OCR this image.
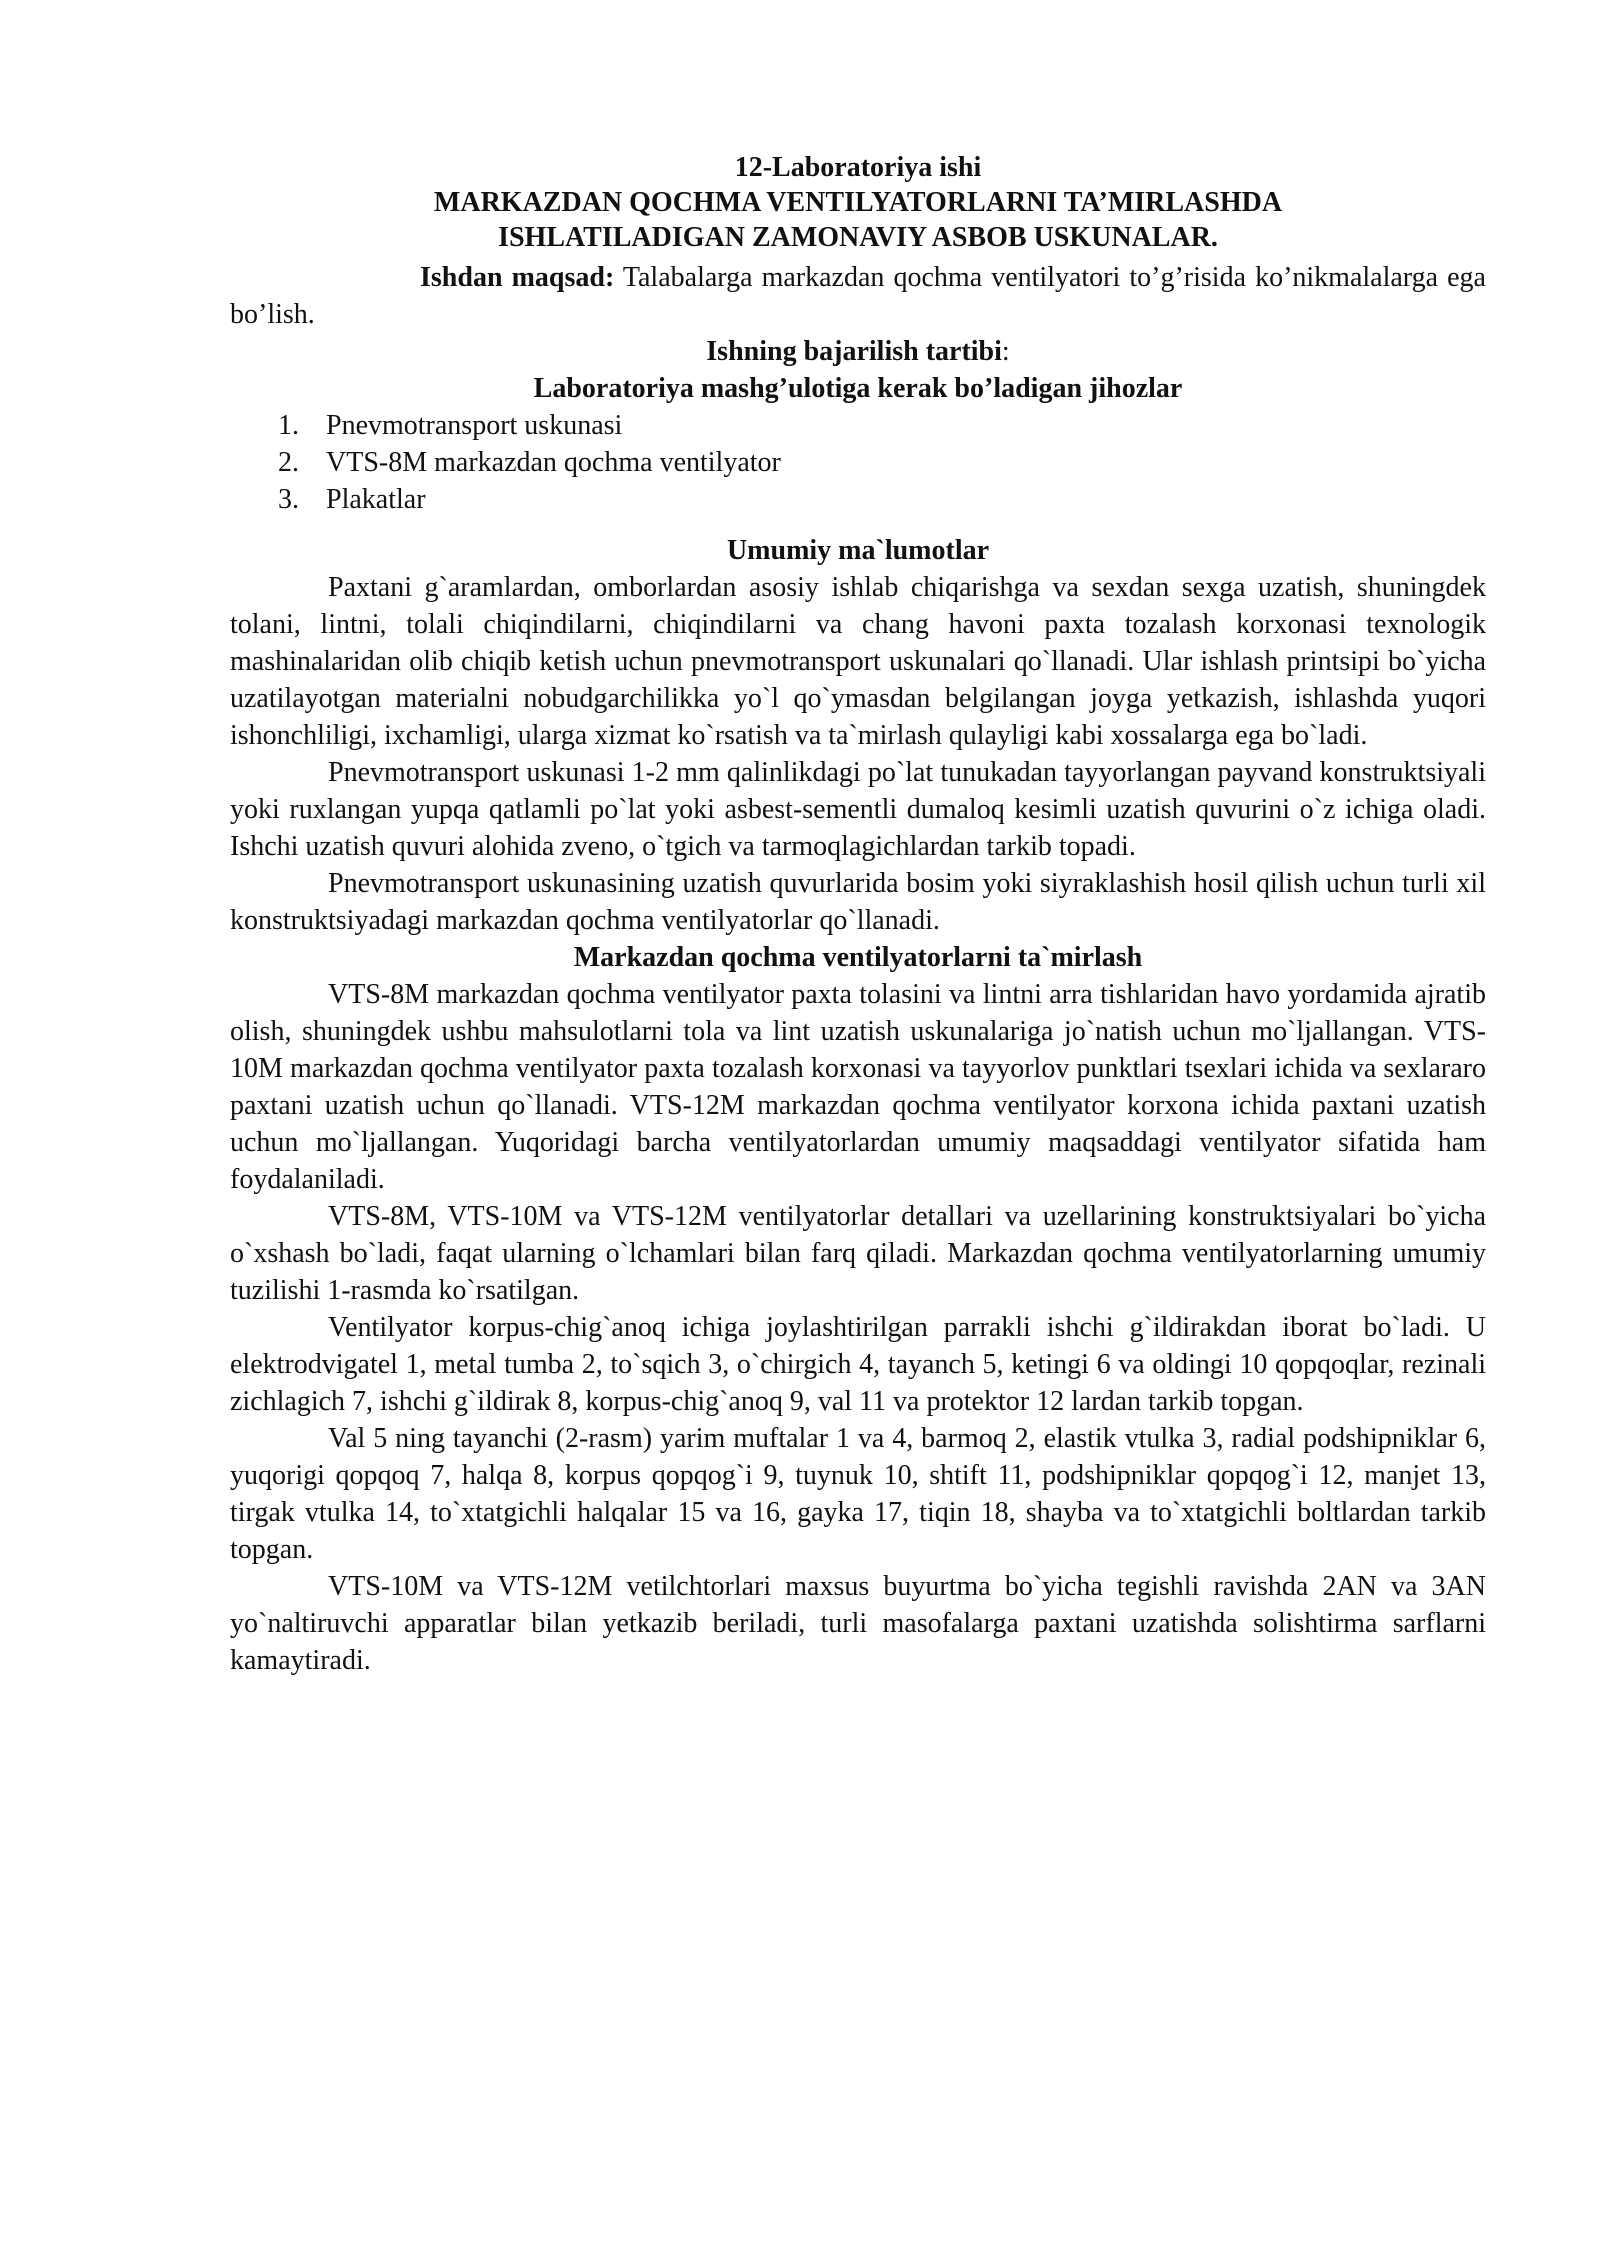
12-Laboratoriya ishi
MARKAZDAN QOCHMA VENTILYATORLARNI TA’MIRLASHDA
ISHLATILADIGAN ZAMONAVIY ASBOB USKUNALAR.

Ishdan maqsad: Talabalarga markazdan qochma ventilyatori to’g’risida ko’nikmalalarga ega bo’lish.

Ishning bajarilish tartibi:
Laboratoriya mashg’ulotiga kerak bo’ladigan jihozlar
1. Pnevmotransport uskunasi
2. VTS-8M markazdan qochma ventilyator
3. Plakatlar
Umumiy ma`lumotlar

Paxtani g`aramlardan, omborlardan asosiy ishlab chiqarishga va sexdan sexga uzatish, shuningdek tolani, lintni, tolali chiqindilarni, chiqindilarni va chang havoni paxta tozalash korxonasi texnologik mashinalaridan olib chiqib ketish uchun pnevmotransport uskunalari qo`llanadi. Ular ishlash printsipi bo`yicha uzatilayotgan materialni nobudgarchilikka yo`l qo`ymasdan belgilangan joyga yetkazish, ishlashda yuqori ishonchliligi, ixchamligi, ularga xizmat ko`rsatish va ta`mirlash qulayligi kabi xossalarga ega bo`ladi.

Pnevmotransport uskunasi 1-2 mm qalinlikdagi po`lat tunukadan tayyorlangan payvand konstruktsiyali yoki ruxlangan yupqa qatlamli po`lat yoki asbest-sementli dumaloq kesimli uzatish quvurini o`z ichiga oladi. Ishchi uzatish quvuri alohida zveno, o`tgich va tarmoqlagichlardan tarkib topadi.

Pnevmotransport uskunasining uzatish quvurlarida bosim yoki siyraklashish hosil qilish uchun turli xil konstruktsiyadagi markazdan qochma ventilyatorlar qo`llanadi.

Markazdan qochma ventilyatorlarni ta`mirlash

VTS-8M markazdan qochma ventilyator paxta tolasini va lintni arra tishlaridan havo yordamida ajratib olish, shuningdek ushbu mahsulotlarni tola va lint uzatish uskunalariga jo`natish uchun mo`ljallangan. VTS-10M markazdan qochma ventilyator paxta tozalash korxonasi va tayyorlov punktlari tsexlari ichida va sexlararo paxtani uzatish uchun qo`llanadi. VTS-12M markazdan qochma ventilyator korxona ichida paxtani uzatish uchun mo`ljallangan. Yuqoridagi barcha ventilyatorlardan umumiy maqsaddagi ventilyator sifatida ham foydalaniladi.

VTS-8M, VTS-10M va VTS-12M ventilyatorlar detallari va uzellarining konstruktsiyalari bo`yicha o`xshash bo`ladi, faqat ularning o`lchamlari bilan farq qiladi. Markazdan qochma ventilyatorlarning umumiy tuzilishi 1-rasmda ko`rsatilgan.

Ventilyator korpus-chig`anoq ichiga joylashtirilgan parrakli ishchi g`ildirakdan iborat bo`ladi. U elektrodvigatel 1, metal tumba 2, to`sqich 3, o`chirgich 4, tayanch 5, ketingi 6 va oldingi 10 qopqoqlar, rezinali zichlagich 7, ishchi g`ildirak 8, korpus-chig`anoq 9, val 11 va protektor 12 lardan tarkib topgan.

Val 5 ning tayanchi (2-rasm) yarim muftalar 1 va 4, barmoq 2, elastik vtulka 3, radial podshipniklar 6, yuqorigi qopqoq 7, halqa 8, korpus qopqog`i 9, tuynuk 10, shtift 11, podshipniklar qopqog`i 12, manjet 13, tirgak vtulka 14, to`xtatgichli halqalar 15 va 16, gayka 17, tiqin 18, shayba va to`xtatgichli boltlardan tarkib topgan.

VTS-10M va VTS-12M vetilchtorlari maxsus buyurtma bo`yicha tegishli ravishda 2AN va 3AN yo`naltiruvchi apparatlar bilan yetkazib beriladi, turli masofalarga paxtani uzatishda solishtirma sarflarni kamaytiradi.
